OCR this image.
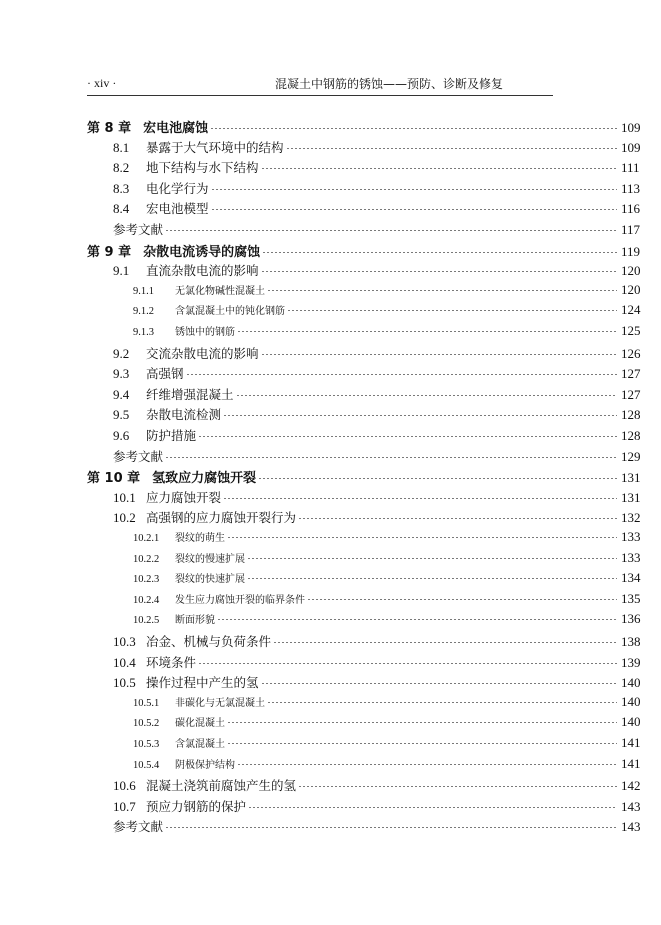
· xiv ·	混凝土中钢筋的锈蚀——预防、诊断及修复
第 8 章 宏电池腐蚀	109
8.1	暴露于大气环境中的结构	109
8.2	地下结构与水下结构	111
8.3	电化学行为	113
8.4	宏电池模型	116
参考文献	117
第 9 章 杂散电流诱导的腐蚀	119
9.1	直流杂散电流的影响	120
9.1.1	无氯化物碱性混凝土	120
9.1.2	含氯混凝土中的钝化钢筋	124
9.1.3	锈蚀中的钢筋	125
9.2	交流杂散电流的影响	126
9.3	高强钢	127
9.4	纤维增强混凝土	127
9.5	杂散电流检测	128
9.6	防护措施	128
参考文献	129
第 10 章 氢致应力腐蚀开裂	131
10.1 应力腐蚀开裂	131
10.2 高强钢的应力腐蚀开裂行为	132
10.2.1	裂纹的萌生	133
10.2.2	裂纹的慢速扩展	133
10.2.3	裂纹的快速扩展	134
10.2.4	发生应力腐蚀开裂的临界条件	135
10.2.5	断面形貌	136
10.3 冶金、机械与负荷条件	138
10.4 环境条件	139
10.5 操作过程中产生的氢	140
10.5.1	非碳化与无氯混凝土	140
10.5.2	碳化混凝土	140
10.5.3	含氯混凝土	141
10.5.4	阴极保护结构	141
10.6 混凝土浇筑前腐蚀产生的氢	142
10.7 预应力钢筋的保护	143
参考文献	143
